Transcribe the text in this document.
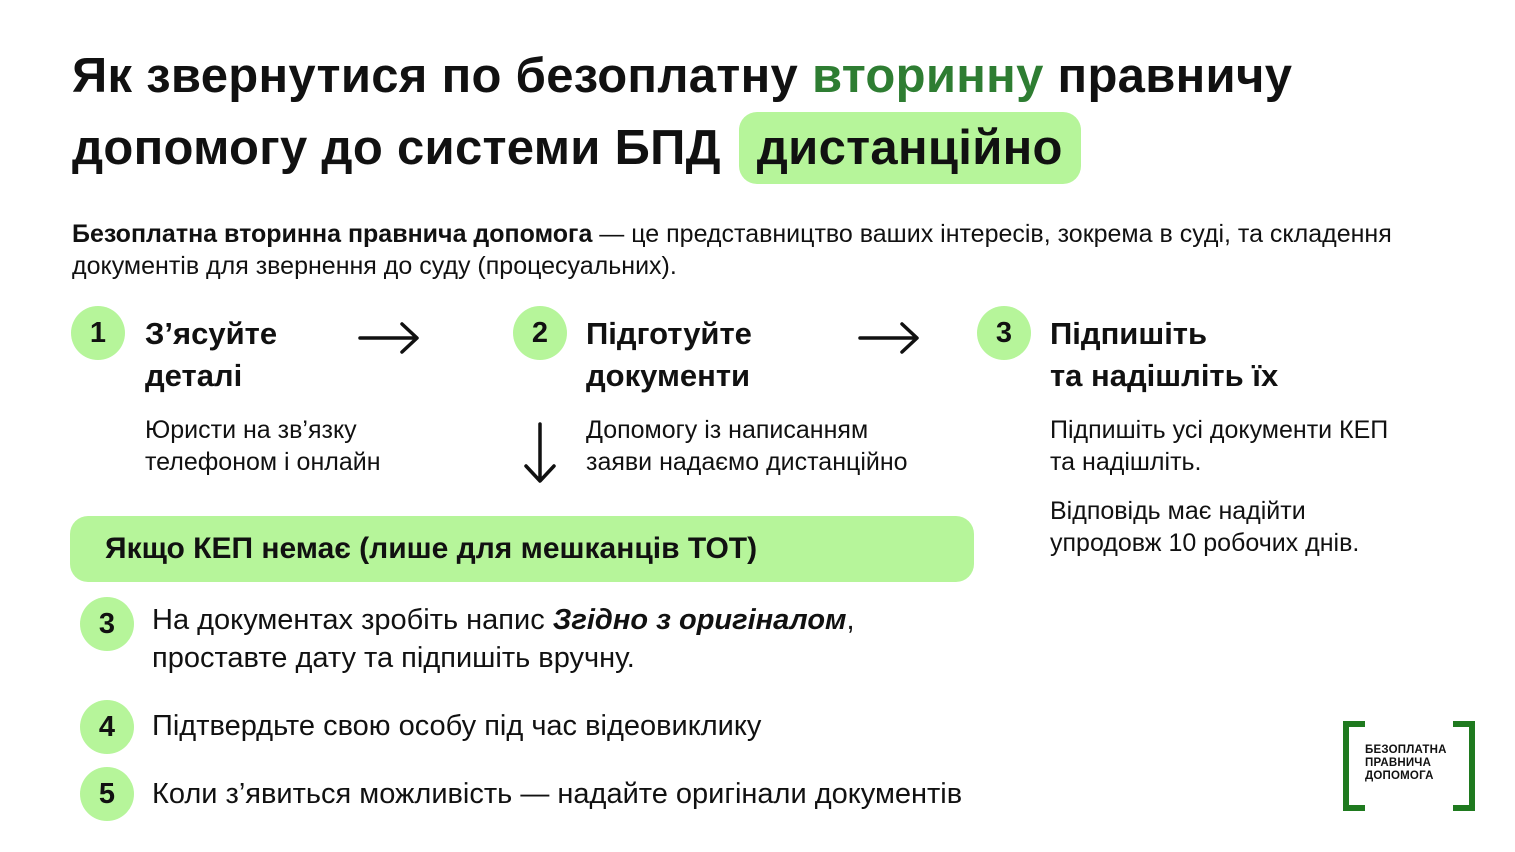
Як звернутися по безоплатну вторинну правничу допомогу до системи БПД дистанційно

Безоплатна вторинна правнича допомога — це представництво ваших інтересів, зокрема в суді, та складення документів для звернення до суду (процесуальних).

1	З’ясуйте
деталі

Юристи на зв’язку
телефоном і онлайн

2	Підготуйте
документи

Допомогу із написанням
заяви надаємо дистанційно

3	Підпишіть
та надішліть їх

Підпишіть усі документи КЕП
та надішліть.

Відповідь має надійти
упродовж 10 робочих днів.

Якщо КЕП немає (лише для мешканців ТОТ)

3	На документах зробіть напис Згідно з оригіналом,
проставте дату та підпишіть вручну.

4	Підтвердьте свою особу під час відеовиклику

5	Коли з’явиться можливість — надайте оригінали документів

БЕЗОПЛАТНА
ПРАВНИЧА
ДОПОМОГА
